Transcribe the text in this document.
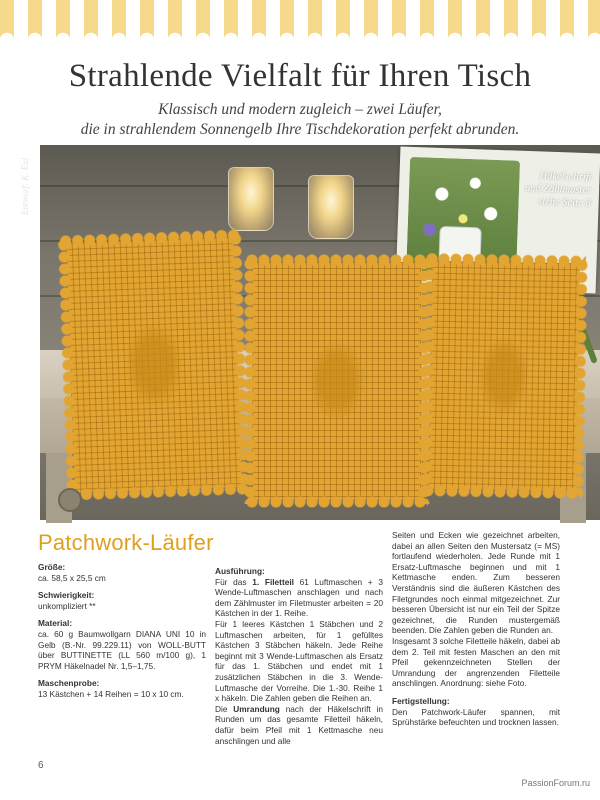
Strahlende Vielfalt für Ihren Tisch
Klassisch und modern zugleich – zwei Läufer,
die in strahlendem Sonnengelb Ihre Tischdekoration perfekt abrunden.
Entwurf: K. Eul	Häkelschrift
und Zählmuster
siehe Seite 8
Patchwork-Läufer

Größe:
ca. 58,5 x 25,5 cm

Schwierigkeit:
unkompliziert **

Material:
ca. 60 g Baumwollgarn DIANA UNI 10 in Gelb (B.-Nr. 99.229.11) von WOLL-BUTT über BUTTINETTE (LL 560 m/100 g), 1 PRYM Häkelnadel Nr. 1,5–1,75.

Maschenprobe:
13 Kästchen + 14 Reihen = 10 x 10 cm.

Ausführung:
Für das 1. Filetteil 61 Luftmaschen + 3 Wende-Luftmaschen anschlagen und nach dem Zählmuster im Filetmuster arbeiten = 20 Kästchen in der 1. Reihe.

Für 1 leeres Kästchen 1 Stäbchen und 2 Luftmaschen arbeiten, für 1 gefülltes Kästchen 3 Stäbchen häkeln. Jede Reihe beginnt mit 3 Wende-Luftmaschen als Ersatz für das 1. Stäbchen und endet mit 1 zusätzlichen Stäbchen in die 3. Wende-Luftmasche der Vorreihe. Die 1.-30. Reihe 1 x häkeln. Die Zahlen geben die Reihen an.

Die Umrandung nach der Häkelschrift in Runden um das gesamte Filetteil häkeln, dafür beim Pfeil mit 1 Kettmasche neu anschlingen und alle

Seiten und Ecken wie gezeichnet arbeiten, dabei an allen Seiten den Mustersatz (= MS) fortlaufend wiederholen. Jede Runde mit 1 Ersatz-Luftmasche beginnen und mit 1 Kettmasche enden. Zum besseren Verständnis sind die äußeren Kästchen des Filetgrundes noch einmal mitgezeichnet. Zur besseren Übersicht ist nur ein Teil der Spitze gezeichnet, die Runden mustergemäß beenden. Die Zahlen geben die Runden an.

Insgesamt 3 solche Filetteile häkeln, dabei ab dem 2. Teil mit festen Maschen an den mit Pfeil gekennzeichneten Stellen der Umrandung der angrenzenden Filetteile anschlingen. Anordnung: siehe Foto.

Fertigstellung:
Den Patchwork-Läufer spannen, mit Sprühstärke befeuchten und trocknen lassen.

6
PassionForum.ru
